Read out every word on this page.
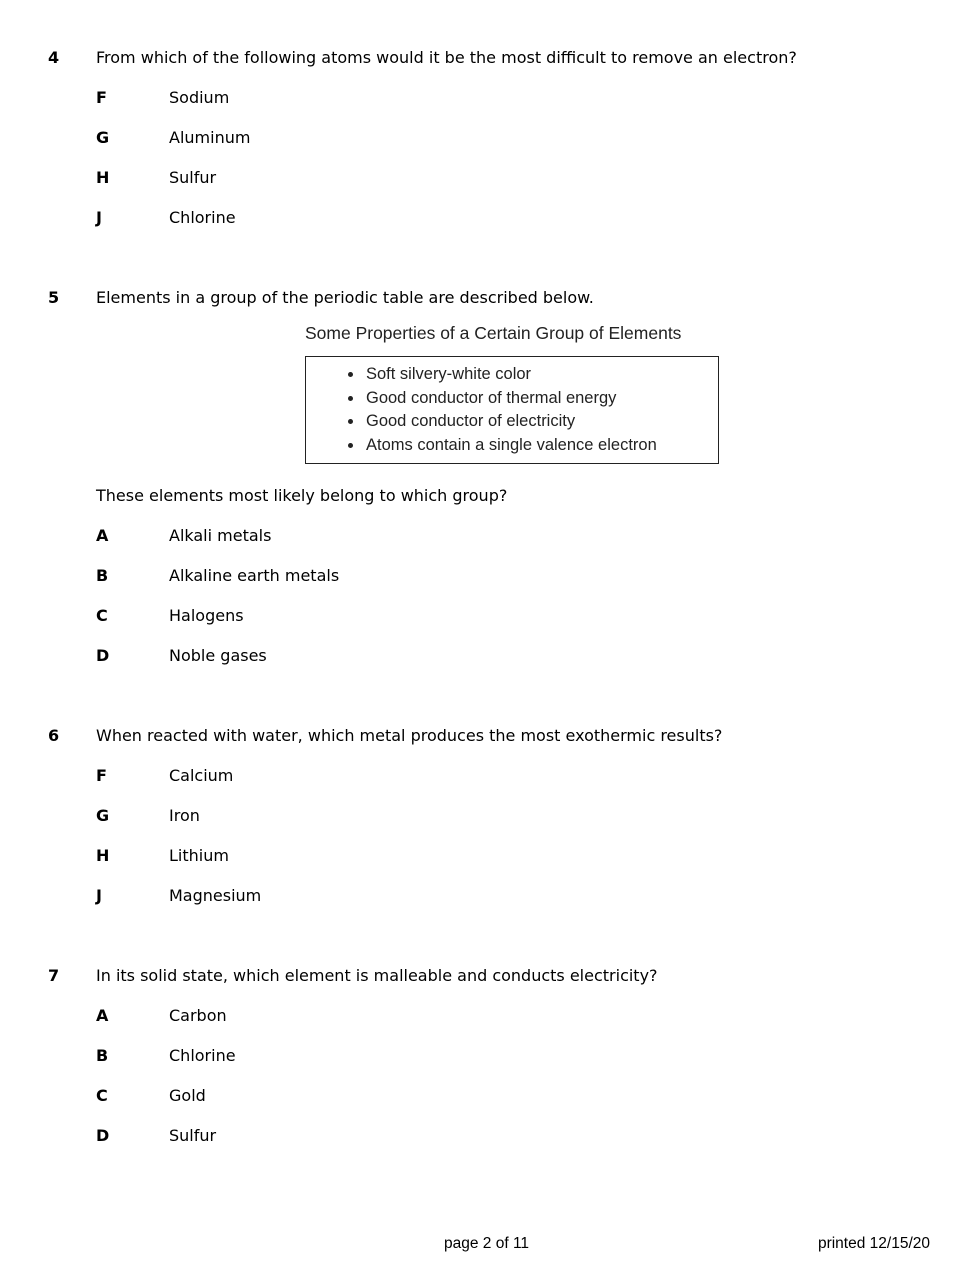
4 From which of the following atoms would it be the most difficult to remove an electron?
F	Sodium
G	Aluminum
H	Sulfur
J	Chlorine
5 Elements in a group of the periodic table are described below.
Some Properties of a Certain Group of Elements
Soft silvery-white color
Good conductor of thermal energy
Good conductor of electricity
Atoms contain a single valence electron
These elements most likely belong to which group?
A	Alkali metals
B	Alkaline earth metals
C	Halogens
D	Noble gases
6 When reacted with water, which metal produces the most exothermic results?
F	Calcium
G	Iron
H	Lithium
J	Magnesium
7 In its solid state, which element is malleable and conducts electricity?
A	Carbon
B	Chlorine
C	Gold
D	Sulfur
page 2 of 11	printed 12/15/20
